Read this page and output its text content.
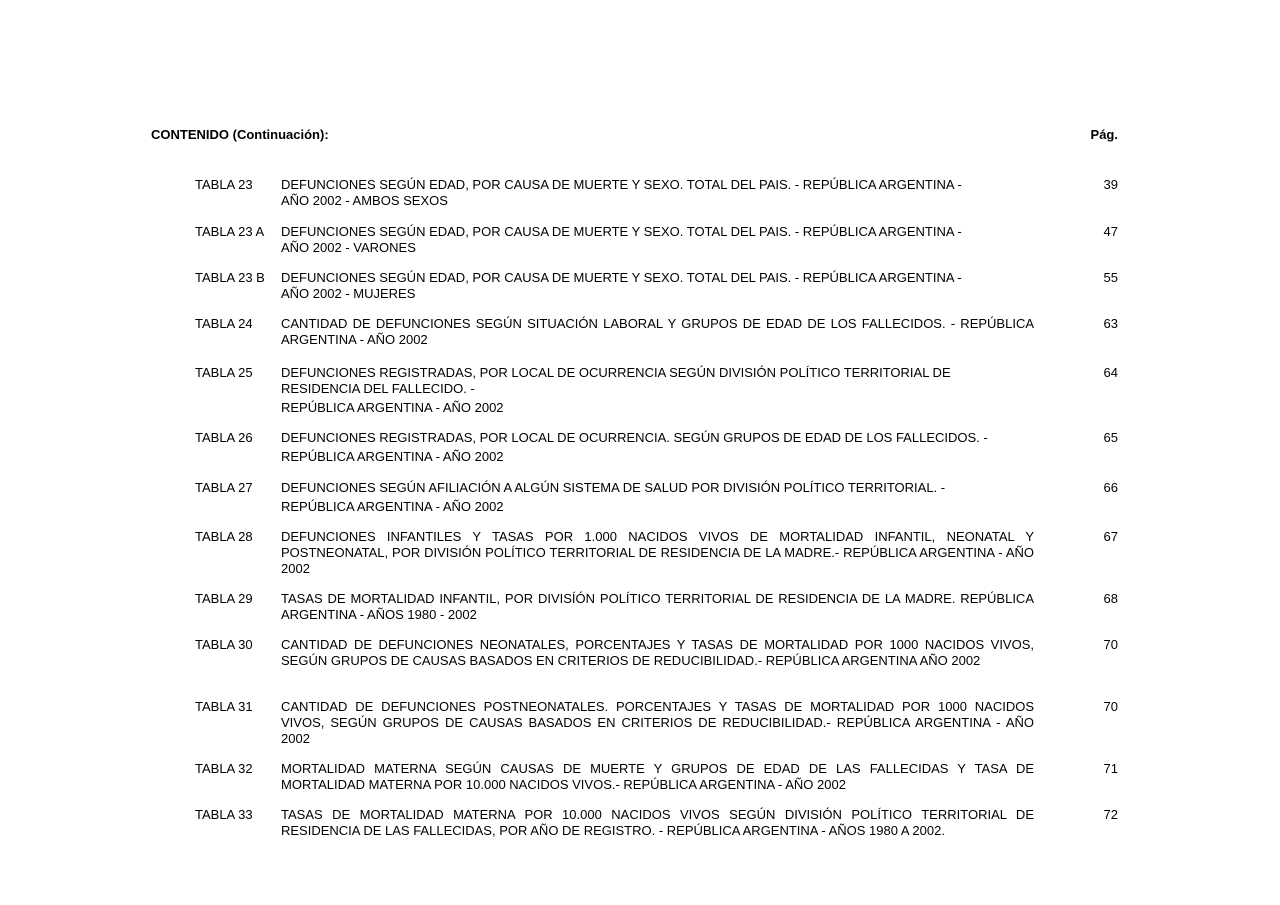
CONTENIDO (Continuación):	Pág.
TABLA 23 DEFUNCIONES SEGÚN EDAD, POR CAUSA DE MUERTE Y SEXO. TOTAL DEL PAIS. - REPÚBLICA ARGENTINA -
AÑO 2002 - AMBOS SEXOS
39
TABLA 23 A DEFUNCIONES SEGÚN EDAD, POR CAUSA DE MUERTE Y SEXO. TOTAL DEL PAIS. - REPÚBLICA ARGENTINA -
AÑO 2002 - VARONES
47
TABLA 23 B DEFUNCIONES SEGÚN EDAD, POR CAUSA DE MUERTE Y SEXO. TOTAL DEL PAIS. - REPÚBLICA ARGENTINA -
AÑO 2002 - MUJERES
55
TABLA 24 CANTIDAD DE DEFUNCIONES SEGÚN SITUACIÓN LABORAL Y GRUPOS DE EDAD DE LOS FALLECIDOS. - REPÚBLICA ARGENTINA - AÑO 2002
63
TABLA 25 DEFUNCIONES REGISTRADAS, POR LOCAL DE OCURRENCIA SEGÚN DIVISIÓN POLÍTICO TERRITORIAL DE
RESIDENCIA DEL FALLECIDO. -
REPÚBLICA ARGENTINA - AÑO 2002
64
TABLA 26 DEFUNCIONES REGISTRADAS, POR LOCAL DE OCURRENCIA. SEGÚN GRUPOS DE EDAD DE LOS FALLECIDOS. -
REPÚBLICA ARGENTINA - AÑO 2002
65
TABLA 27 DEFUNCIONES SEGÚN AFILIACIÓN A ALGÚN SISTEMA DE SALUD POR DIVISIÓN POLÍTICO TERRITORIAL. -
REPÚBLICA ARGENTINA - AÑO 2002
66
TABLA 28 DEFUNCIONES INFANTILES Y TASAS POR 1.000 NACIDOS VIVOS DE MORTALIDAD INFANTIL, NEONATAL Y POSTNEONATAL, POR DIVISIÓN POLÍTICO TERRITORIAL DE RESIDENCIA DE LA MADRE.- REPÚBLICA ARGENTINA - AÑO 2002
67
TABLA 29 TASAS DE MORTALIDAD INFANTIL, POR DIVISÍÓN POLÍTICO TERRITORIAL DE RESIDENCIA DE LA MADRE. REPÚBLICA ARGENTINA - AÑOS 1980 - 2002
68
TABLA 30 CANTIDAD DE DEFUNCIONES NEONATALES, PORCENTAJES Y TASAS DE MORTALIDAD POR 1000 NACIDOS VIVOS, SEGÚN GRUPOS DE CAUSAS BASADOS EN CRITERIOS DE REDUCIBILIDAD.- REPÚBLICA ARGENTINA AÑO 2002
70
TABLA 31 CANTIDAD DE DEFUNCIONES POSTNEONATALES. PORCENTAJES Y TASAS DE MORTALIDAD POR 1000 NACIDOS VIVOS, SEGÚN GRUPOS DE CAUSAS BASADOS EN CRITERIOS DE REDUCIBILIDAD.- REPÚBLICA ARGENTINA - AÑO 2002
70
TABLA 32 MORTALIDAD MATERNA SEGÚN CAUSAS DE MUERTE Y GRUPOS DE EDAD DE LAS FALLECIDAS Y TASA DE MORTALIDAD MATERNA POR 10.000 NACIDOS VIVOS.- REPÚBLICA ARGENTINA - AÑO 2002
71
TABLA 33 TASAS DE MORTALIDAD MATERNA POR 10.000 NACIDOS VIVOS SEGÚN DIVISIÓN POLÍTICO TERRITORIAL DE RESIDENCIA DE LAS FALLECIDAS, POR AÑO DE REGISTRO. - REPÚBLICA ARGENTINA - AÑOS 1980 A 2002.
72
